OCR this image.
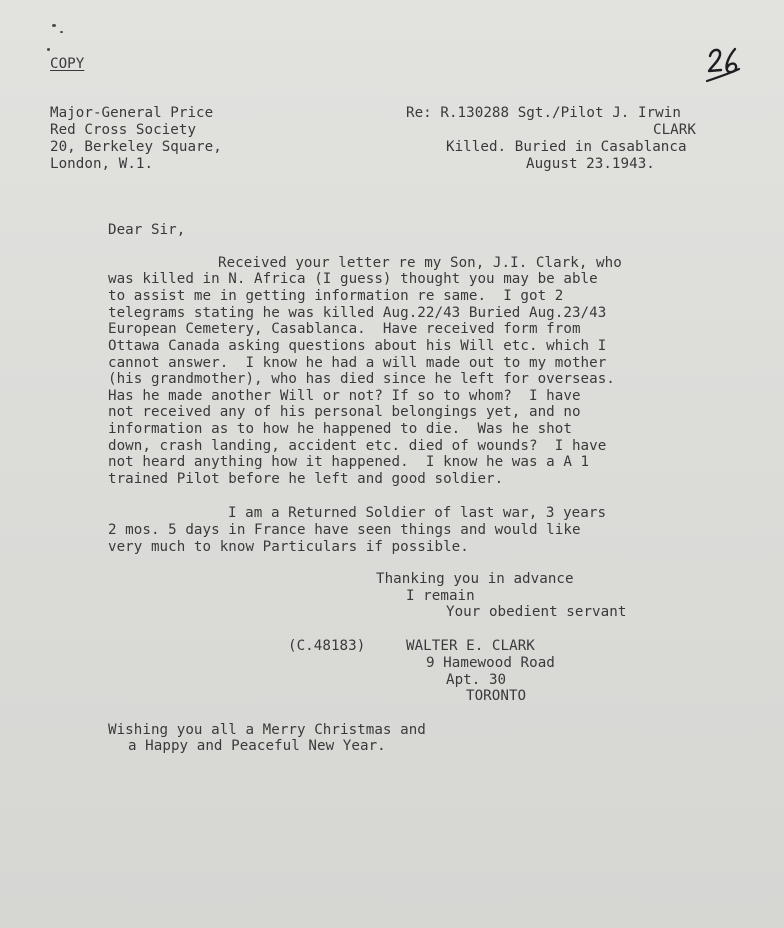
COPY
Major-General Price
Red Cross Society
20, Berkeley Square,
London, W.1.
Re: R.130288 Sgt./Pilot J. Irwin
CLARK
Killed. Buried in Casablanca
August 23.1943.
Dear Sir,
Received your letter re my Son, J.I. Clark, who
was killed in N. Africa (I guess) thought you may be able
to assist me in getting information re same.  I got 2
telegrams stating he was killed Aug.22/43 Buried Aug.23/43
European Cemetery, Casablanca.  Have received form from
Ottawa Canada asking questions about his Will etc. which I
cannot answer.  I know he had a will made out to my mother
(his grandmother), who has died since he left for overseas.
Has he made another Will or not? If so to whom?  I have
not received any of his personal belongings yet, and no
information as to how he happened to die.  Was he shot
down, crash landing, accident etc. died of wounds?  I have
not heard anything how it happened.  I know he was a A 1
trained Pilot before he left and good soldier.
I am a Returned Soldier of last war, 3 years
2 mos. 5 days in France have seen things and would like
very much to know Particulars if possible.
Thanking you in advance
I remain
Your obedient servant
(C.48183)	WALTER E. CLARK
9 Hamewood Road
Apt. 30
TORONTO
Wishing you all a Merry Christmas and
a Happy and Peaceful New Year.
